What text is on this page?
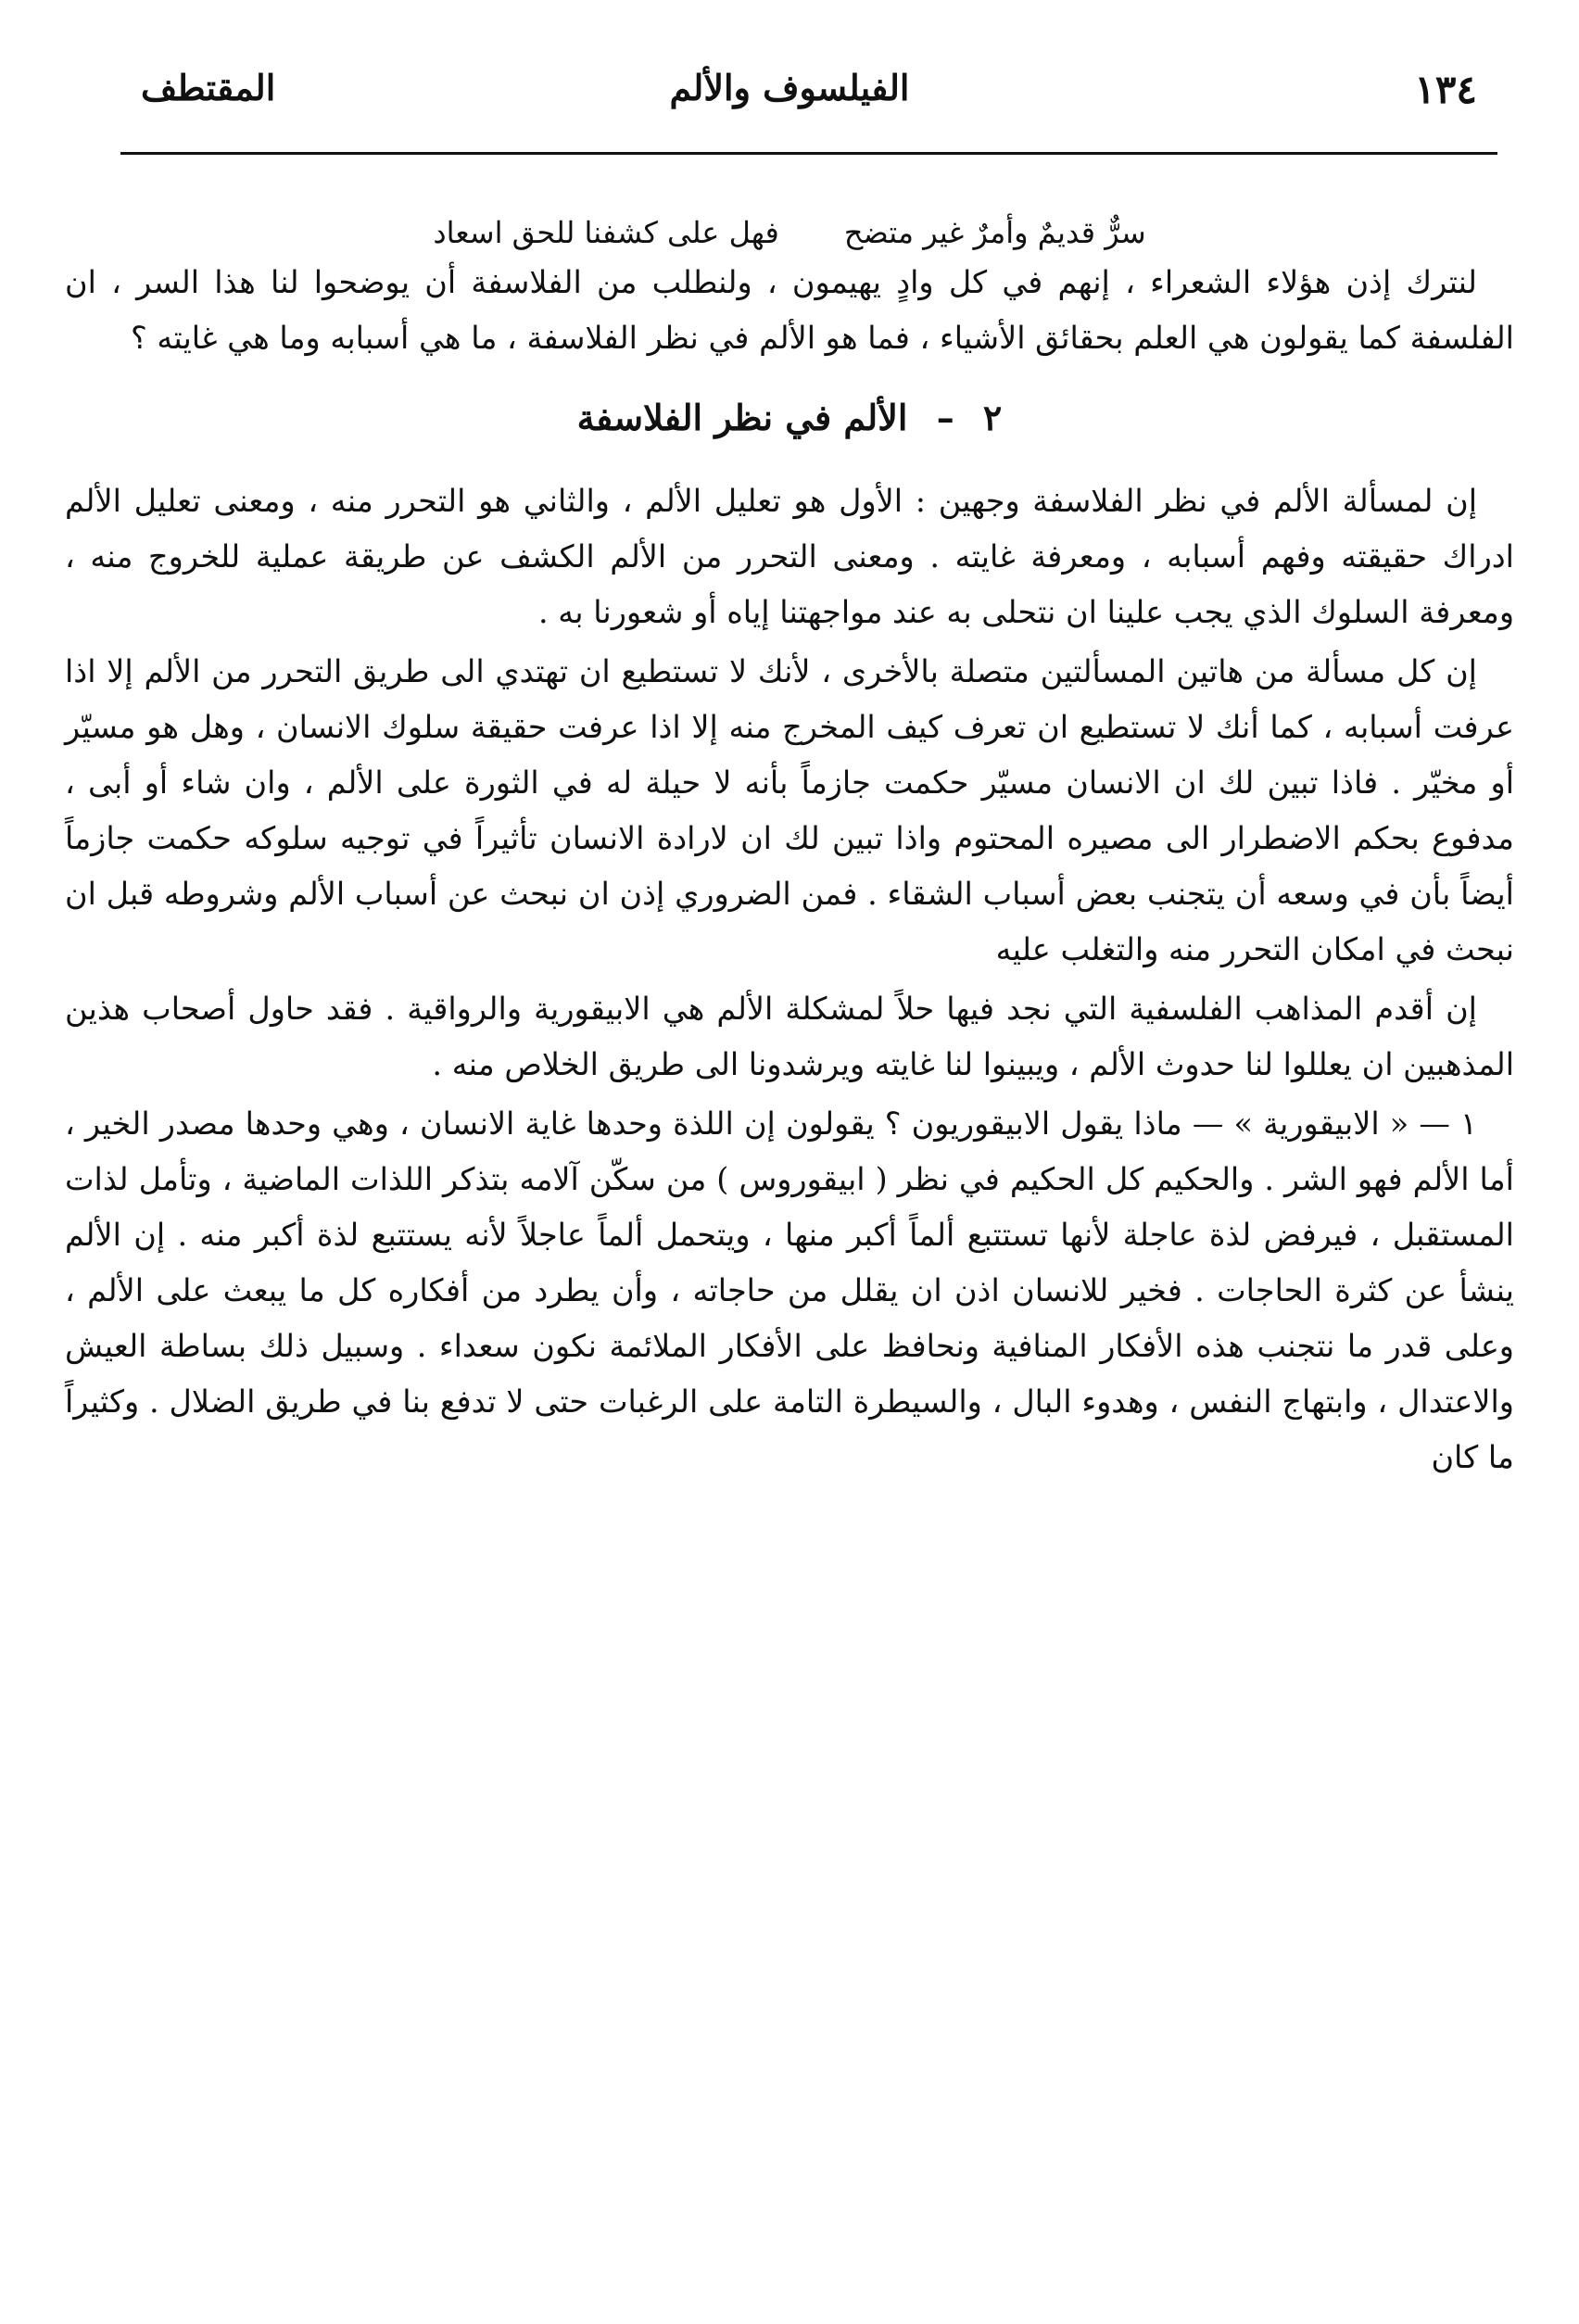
١٣٤
الفيلسوف والألم
المقتطف
سرٌّ قديمٌ وأمرٌ غير متضح
فهل على كشفنا للحق اسعاد

لنترك إذن هؤلاء الشعراء ، إنهم في كل وادٍ يهيمون ، ولنطلب من الفلاسفة أن يوضحوا لنا هذا السر ، ان الفلسفة كما يقولون هي العلم بحقائق الأشياء ، فما هو الألم في نظر الفلاسفة ، ما هي أسبابه وما هي غايته ؟

٢ – الألم في نظر الفلاسفة

إن لمسألة الألم في نظر الفلاسفة وجهين : الأول هو تعليل الألم ، والثاني هو التحرر منه ، ومعنى تعليل الألم ادراك حقيقته وفهم أسبابه ، ومعرفة غايته . ومعنى التحرر من الألم الكشف عن طريقة عملية للخروج منه ، ومعرفة السلوك الذي يجب علينا ان نتحلى به عند مواجهتنا إياه أو شعورنا به .

إن كل مسألة من هاتين المسألتين متصلة بالأخرى ، لأنك لا تستطيع ان تهتدي الى طريق التحرر من الألم إلا اذا عرفت أسبابه ، كما أنك لا تستطيع ان تعرف كيف المخرج منه إلا اذا عرفت حقيقة سلوك الانسان ، وهل هو مسيّر أو مخيّر . فاذا تبين لك ان الانسان مسيّر حكمت جازماً بأنه لا حيلة له في الثورة على الألم ، وان شاء أو أبى ، مدفوع بحكم الاضطرار الى مصيره المحتوم واذا تبين لك ان لارادة الانسان تأثيراً في توجيه سلوكه حكمت جازماً أيضاً بأن في وسعه أن يتجنب بعض أسباب الشقاء . فمن الضروري إذن ان نبحث عن أسباب الألم وشروطه قبل ان نبحث في امكان التحرر منه والتغلب عليه

إن أقدم المذاهب الفلسفية التي نجد فيها حلاً لمشكلة الألم هي الابيقورية والرواقية . فقد حاول أصحاب هذين المذهبين ان يعللوا لنا حدوث الألم ، ويبينوا لنا غايته ويرشدونا الى طريق الخلاص منه .

١ — « الابيقورية » — ماذا يقول الابيقوريون ؟ يقولون إن اللذة وحدها غاية الانسان ، وهي وحدها مصدر الخير ، أما الألم فهو الشر . والحكيم كل الحكيم في نظر ( ابيقوروس ) من سكّن آلامه بتذكر اللذات الماضية ، وتأمل لذات المستقبل ، فيرفض لذة عاجلة لأنها تستتبع ألماً أكبر منها ، ويتحمل ألماً عاجلاً لأنه يستتبع لذة أكبر منه . إن الألم ينشأ عن كثرة الحاجات . فخير للانسان اذن ان يقلل من حاجاته ، وأن يطرد من أفكاره كل ما يبعث على الألم ، وعلى قدر ما نتجنب هذه الأفكار المنافية ونحافظ على الأفكار الملائمة نكون سعداء . وسبيل ذلك بساطة العيش والاعتدال ، وابتهاج النفس ، وهدوء البال ، والسيطرة التامة على الرغبات حتى لا تدفع بنا في طريق الضلال . وكثيراً ما كان
